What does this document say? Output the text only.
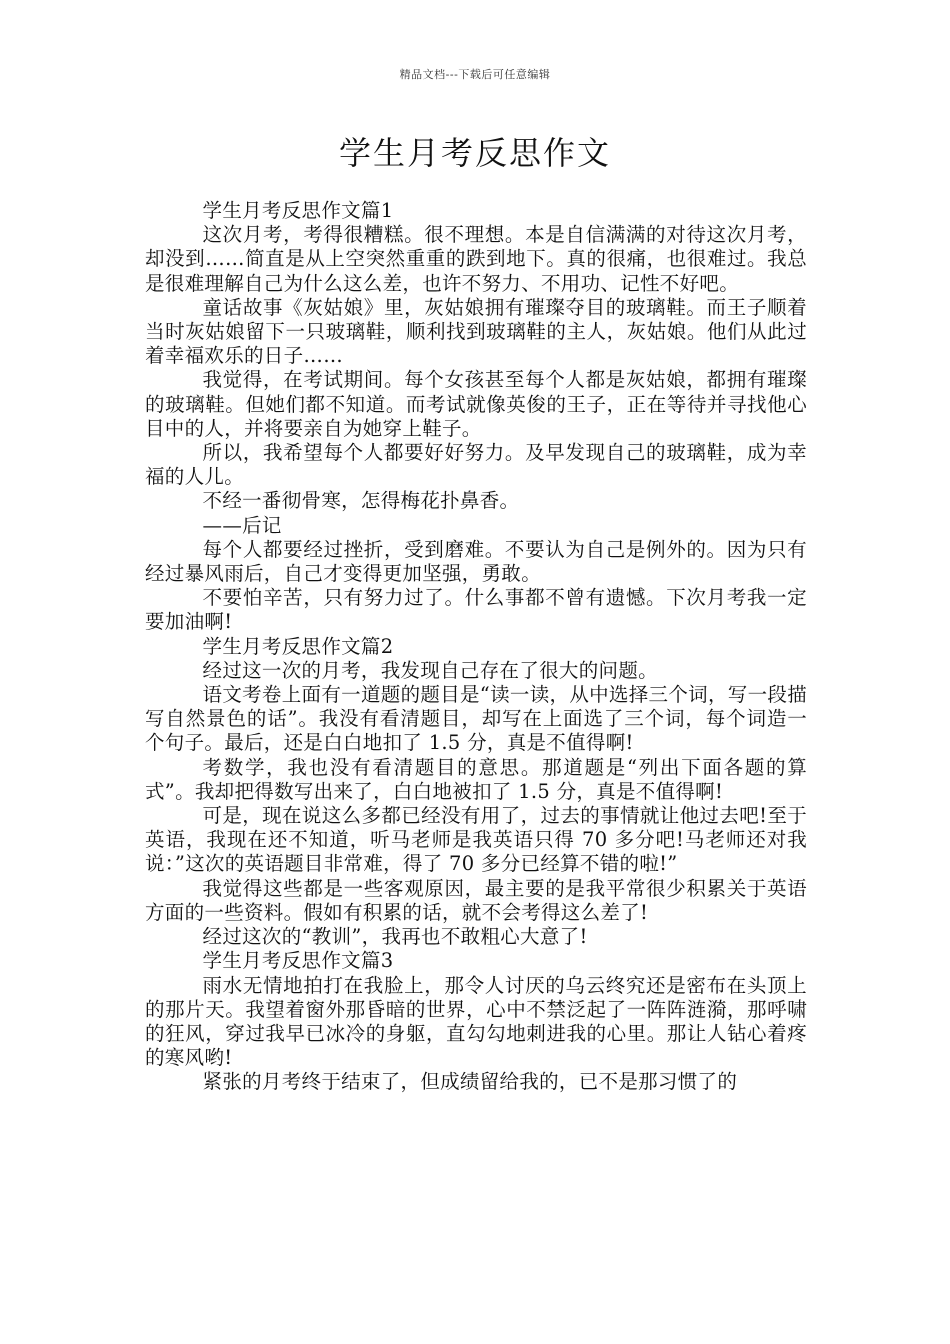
精品文档---下载后可任意编辑
学生月考反思作文

学生月考反思作文篇1

这次月考，考得很糟糕。很不理想。本是自信满满的对待这次月考，却没到……简直是从上空突然重重的跌到地下。真的很痛，也很难过。我总是很难理解自己为什么这么差，也许不努力、不用功、记性不好吧。

童话故事《灰姑娘》里，灰姑娘拥有璀璨夺目的玻璃鞋。而王子顺着当时灰姑娘留下一只玻璃鞋，顺利找到玻璃鞋的主人，灰姑娘。他们从此过着幸福欢乐的日子……

我觉得，在考试期间。每个女孩甚至每个人都是灰姑娘，都拥有璀璨的玻璃鞋。但她们都不知道。而考试就像英俊的王子，正在等待并寻找他心目中的人，并将要亲自为她穿上鞋子。

所以，我希望每个人都要好好努力。及早发现自己的玻璃鞋，成为幸福的人儿。

不经一番彻骨寒，怎得梅花扑鼻香。

——后记

每个人都要经过挫折，受到磨难。不要认为自己是例外的。因为只有经过暴风雨后，自己才变得更加坚强，勇敢。

不要怕辛苦，只有努力过了。什么事都不曾有遗憾。下次月考我一定要加油啊!

学生月考反思作文篇2

经过这一次的月考，我发现自己存在了很大的问题。

语文考卷上面有一道题的题目是“读一读，从中选择三个词，写一段描写自然景色的话”。我没有看清题目，却写在上面选了三个词，每个词造一个句子。最后，还是白白地扣了 1.5 分，真是不值得啊!

考数学，我也没有看清题目的意思。那道题是“列出下面各题的算式”。我却把得数写出来了，白白地被扣了 1.5 分，真是不值得啊!

可是，现在说这么多都已经没有用了，过去的事情就让他过去吧!至于英语，我现在还不知道，听马老师是我英语只得 70 多分吧!马老师还对我说：”这次的英语题目非常难，得了 70 多分已经算不错的啦!”

我觉得这些都是一些客观原因，最主要的是我平常很少积累关于英语方面的一些资料。假如有积累的话，就不会考得这么差了!

经过这次的“教训”，我再也不敢粗心大意了!

学生月考反思作文篇3

雨水无情地拍打在我脸上，那令人讨厌的乌云终究还是密布在头顶上的那片天。我望着窗外那昏暗的世界，心中不禁泛起了一阵阵涟漪，那呼啸的狂风，穿过我早已冰冷的身躯，直勾勾地刺进我的心里。那让人钻心着疼的寒风哟!

紧张的月考终于结束了，但成绩留给我的，已不是那习惯了的
